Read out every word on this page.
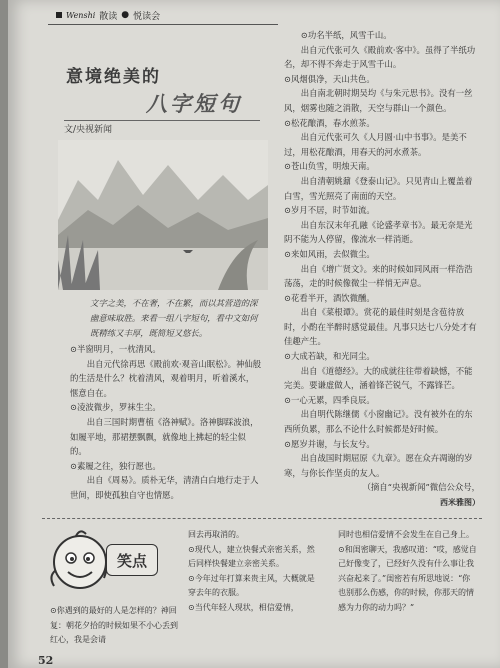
Wenshi 散读 ● 悦读会
意境绝美的
八字短句
文/央视新闻
文字之美，不在奢，不在繁，而以其营造的深幽意味取胜。来看一组八字短句，看中文如何既精练又丰厚，既简短又悠长。

⊙半窗明月，一枕清风。

出自元代徐再思《殿前欢·观音山眠松》。神仙般的生活是什么？枕着清风，观着明月，听着溪水，惬意自在。

⊙凌波微步，罗袜生尘。

出自三国时期曹植《洛神赋》。洛神脚踩波浪，如履平地，那裙摆飘飘，就像地上拂起的轻尘似的。

⊙素履之往，独行愿也。

出自《周易》。质朴无华，清清白白地行走于人世间，即使孤独自守也情愿。

⊙功名半纸，风雪千山。

出自元代张可久《殿前欢·客中》。虽得了半纸功名，却不得不奔走于风雪千山。

⊙风烟俱净，天山共色。

出自南北朝时期吴均《与朱元思书》。没有一丝风，烟雾也随之消散，天空与群山一个颜色。

⊙松花酿酒，春水煎茶。

出自元代张可久《人月圆·山中书事》。是美不过，用松花酿酒，用春天的河水煮茶。

⊙苍山负雪，明烛天南。

出自清朝姚鼐《登泰山记》。只见青山上覆盖着白雪，雪光照亮了南面的天空。

⊙岁月不居，时节如流。

出自东汉末年孔融《论盛孝章书》。最无奈是光阴不能为人停留，像流水一样消逝。

⊙来如风雨，去似微尘。

出自《增广贤文》。来的时候如同风雨一样浩浩荡荡，走的时候像微尘一样悄无声息。

⊙花看半开，酒饮微醺。

出自《菜根谭》。赏花的最佳时刻是含苞待放时，小酌在半醉时感觉最佳。凡事只达七八分处才有佳趣产生。

⊙大成若缺，和光同尘。

出自《道德经》。大的成就往往带着缺憾，不能完美。要谦虚做人，涵着锋芒锐气，不露锋芒。

⊙一心无累，四季良辰。

出自明代陈继儒《小窗幽记》。没有被外在的东西所负累，那么不论什么时候都是好时候。

⊙愿岁并谢，与长友兮。

出自战国时期屈原《九章》。愿在众卉凋谢的岁寒，与你长作坚贞的友人。

（摘自“央视新闻”微信公众号，

西米雅图）

笑点

⊙你遇到的最好的人是怎样的？神回复：朝花夕拾的时候如果不小心丢到红心，我是会请

回去再取消的。

⊙现代人，建立快餐式亲密关系，然后同样快餐建立亲密关系。

⊙今年过年打算来贵主风，大概就是穿去年的衣服。

⊙当代年轻人现状，相信爱情，

同时也相信爱情不会发生在自己身上。

⊙和闺密聊天，我感叹道：“哎，感觉自己好像变了，已经好久没有什么事让我兴奋起来了。”闺密若有所思地说：“你也别那么伤感，你的时候，你那天的情感为力你的动力吗？”

52
